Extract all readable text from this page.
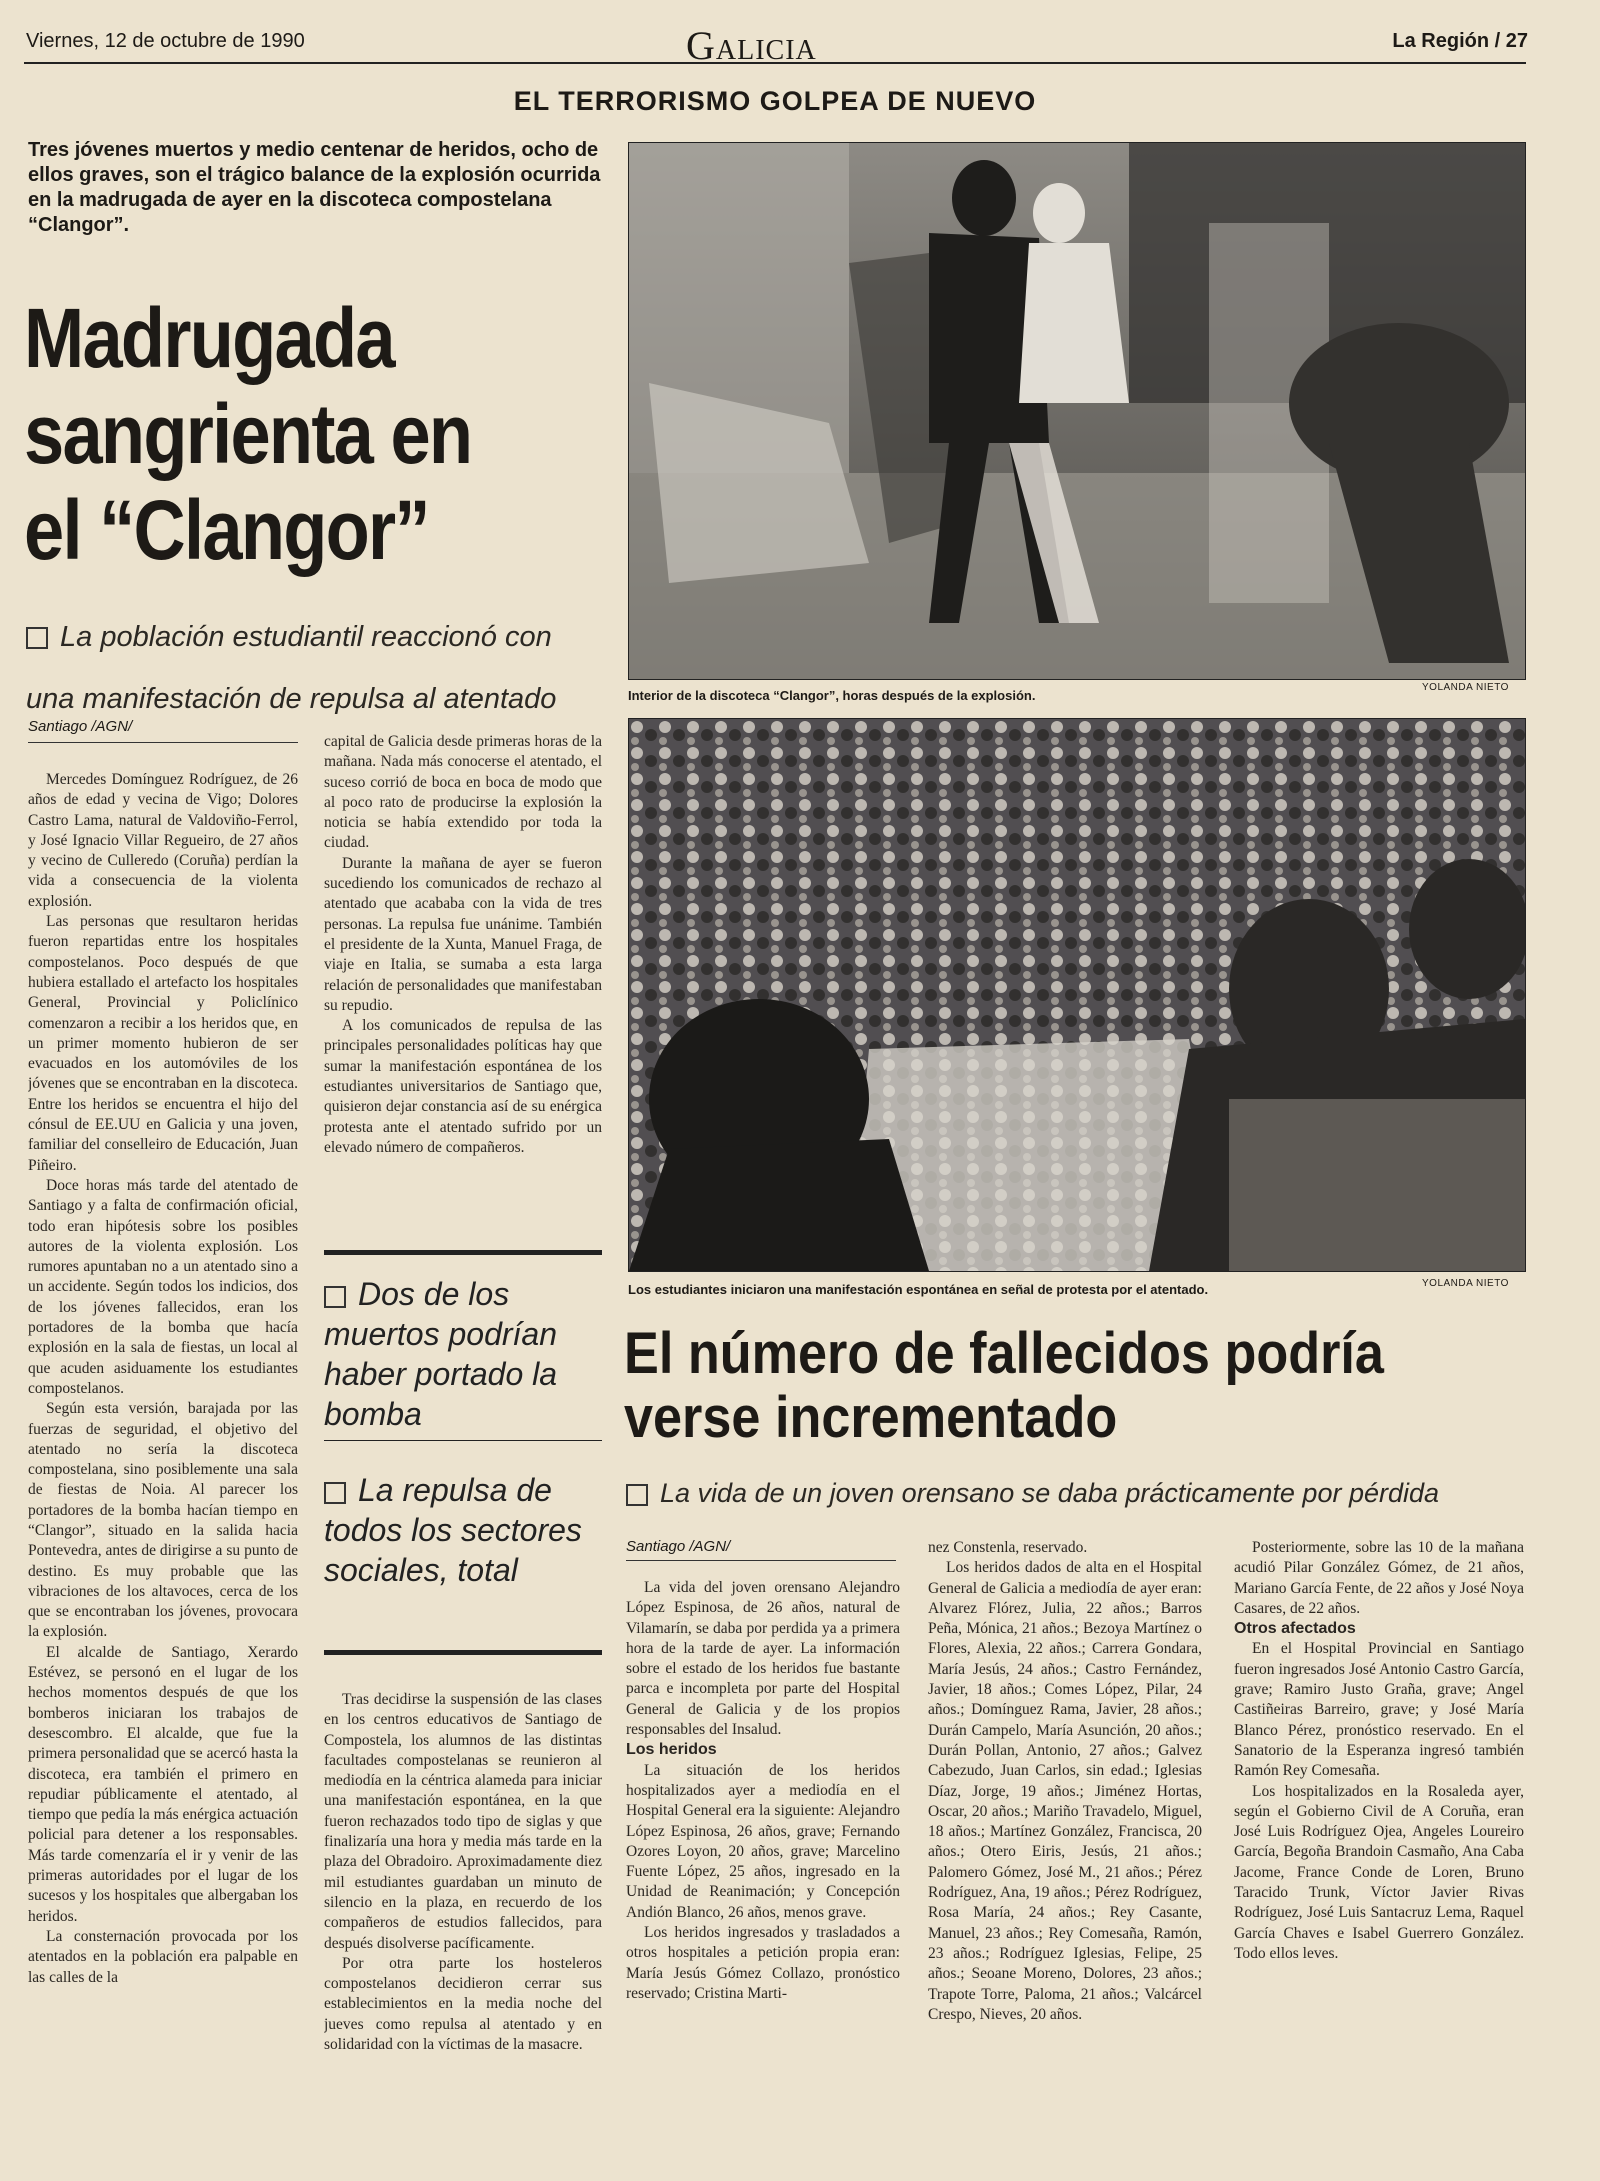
Viernes, 12 de octubre de 1990	Galicia	La Región / 27
EL TERRORISMO GOLPEA DE NUEVO
Tres jóvenes muertos y medio centenar de heridos, ocho de ellos graves, son el trágico balance de la explosión ocurrida en la madrugada de ayer en la discoteca compostelana “Clangor”.
Madrugada
sangrienta en
el “Clangor”
La población estudiantil reaccionó con
una manifestación de repulsa al atentado
Santiago /AGN/

Mercedes Domínguez Rodríguez, de 26 años de edad y vecina de Vigo; Dolores Castro Lama, natural de Valdoviño-Ferrol, y José Ignacio Villar Regueiro, de 27 años y vecino de Culleredo (Coruña) perdían la vida a consecuencia de la violenta explosión.

Las personas que resultaron heridas fueron repartidas entre los hospitales compostelanos. Poco después de que hubiera estallado el artefacto los hospitales General, Provincial y Policlínico comenzaron a recibir a los heridos que, en un primer momento hubieron de ser evacuados en los automóviles de los jóvenes que se encontraban en la discoteca. Entre los heridos se encuentra el hijo del cónsul de EE.UU en Galicia y una joven, familiar del conselleiro de Educación, Juan Piñeiro.

Doce horas más tarde del atentado de Santiago y a falta de confirmación oficial, todo eran hipótesis sobre los posibles autores de la violenta explosión. Los rumores apuntaban no a un atentado sino a un accidente. Según todos los indicios, dos de los jóvenes fallecidos, eran los portadores de la bomba que hacía explosión en la sala de fiestas, un local al que acuden asiduamente los estudiantes compostelanos.

Según esta versión, barajada por las fuerzas de seguridad, el objetivo del atentado no sería la discoteca compostelana, sino posiblemente una sala de fiestas de Noia. Al parecer los portadores de la bomba hacían tiempo en “Clangor”, situado en la salida hacia Pontevedra, antes de dirigirse a su punto de destino. Es muy probable que las vibraciones de los altavoces, cerca de los que se encontraban los jóvenes, provocara la explosión.

El alcalde de Santiago, Xerardo Estévez, se personó en el lugar de los hechos momentos después de que los bomberos iniciaran los trabajos de desescombro. El alcalde, que fue la primera personalidad que se acercó hasta la discoteca, era también el primero en repudiar públicamente el atentado, al tiempo que pedía la más enérgica actuación policial para detener a los responsables. Más tarde comenzaría el ir y venir de las primeras autoridades por el lugar de los sucesos y los hospitales que albergaban los heridos.

La consternación provocada por los atentados en la población era palpable en las calles de la

capital de Galicia desde primeras horas de la mañana. Nada más conocerse el atentado, el suceso corrió de boca en boca de modo que al poco rato de producirse la explosión la noticia se había extendido por toda la ciudad.

Durante la mañana de ayer se fueron sucediendo los comunicados de rechazo al atentado que acababa con la vida de tres personas. La repulsa fue unánime. También el presidente de la Xunta, Manuel Fraga, de viaje en Italia, se sumaba a esta larga relación de personalidades que manifestaban su repudio.

A los comunicados de repulsa de las principales personalidades políticas hay que sumar la manifestación espontánea de los estudiantes universitarios de Santiago que, quisieron dejar constancia así de su enérgica protesta ante el atentado sufrido por un elevado número de compañeros.

Dos de los muertos podrían haber portado la bomba
La repulsa de todos los sectores sociales, total

Tras decidirse la suspensión de las clases en los centros educativos de Santiago de Compostela, los alumnos de las distintas facultades compostelanas se reunieron al mediodía en la céntrica alameda para iniciar una manifestación espontánea, en la que fueron rechazados todo tipo de siglas y que finalizaría una hora y media más tarde en la plaza del Obradoiro. Aproximadamente diez mil estudiantes guardaban un minuto de silencio en la plaza, en recuerdo de los compañeros de estudios fallecidos, para después disolverse pacíficamente.

Por otra parte los hosteleros compostelanos decidieron cerrar sus establecimientos en la media noche del jueves como repulsa al atentado y en solidaridad con la víctimas de la masacre.

Interior de la discoteca “Clangor”, horas después de la explosión.
YOLANDA NIETO
Los estudiantes iniciaron una manifestación espontánea en señal de protesta por el atentado.	YOLANDA NIETO
El número de fallecidos podría verse incrementado
La vida de un joven orensano se daba prácticamente por pérdida
Santiago /AGN/

La vida del joven orensano Alejandro López Espinosa, de 26 años, natural de Vilamarín, se daba por perdida ya a primera hora de la tarde de ayer. La información sobre el estado de los heridos fue bastante parca e incompleta por parte del Hospital General de Galicia y de los propios responsables del Insalud.

Los heridos

La situación de los heridos hospitalizados ayer a mediodía en el Hospital General era la siguiente: Alejandro López Espinosa, 26 años, grave; Fernando Ozores Loyon, 20 años, grave; Marcelino Fuente López, 25 años, ingresado en la Unidad de Reanimación; y Concepción Andión Blanco, 26 años, menos grave.

Los heridos ingresados y trasladados a otros hospitales a petición propia eran: María Jesús Gómez Collazo, pronóstico reservado; Cristina Marti-

nez Constenla, reservado.

Los heridos dados de alta en el Hospital General de Galicia a mediodía de ayer eran: Alvarez Flórez, Julia, 22 años.; Barros Peña, Mónica, 21 años.; Bezoya Martínez o Flores, Alexia, 22 años.; Carrera Gondara, María Jesús, 24 años.; Castro Fernández, Javier, 18 años.; Comes López, Pilar, 24 años.; Domínguez Rama, Javier, 28 años.; Durán Campelo, María Asunción, 20 años.; Durán Pollan, Antonio, 27 años.; Galvez Cabezudo, Juan Carlos, sin edad.; Iglesias Díaz, Jorge, 19 años.; Jiménez Hortas, Oscar, 20 años.; Mariño Travadelo, Miguel, 18 años.; Martínez González, Francisca, 20 años.; Otero Eiris, Jesús, 21 años.; Palomero Gómez, José M., 21 años.; Pérez Rodríguez, Ana, 19 años.; Pérez Rodríguez, Rosa María, 24 años.; Rey Casante, Manuel, 23 años.; Rey Comesaña, Ramón, 23 años.; Rodríguez Iglesias, Felipe, 25 años.; Seoane Moreno, Dolores, 23 años.; Trapote Torre, Paloma, 21 años.; Valcárcel Crespo, Nieves, 20 años.

Posteriormente, sobre las 10 de la mañana acudió Pilar González Gómez, de 21 años, Mariano García Fente, de 22 años y José Noya Casares, de 22 años.

Otros afectados

En el Hospital Provincial en Santiago fueron ingresados José Antonio Castro García, grave; Ramiro Justo Graña, grave; Angel Castiñeiras Barreiro, grave; y José María Blanco Pérez, pronóstico reservado. En el Sanatorio de la Esperanza ingresó también Ramón Rey Comesaña.

Los hospitalizados en la Rosaleda ayer, según el Gobierno Civil de A Coruña, eran José Luis Rodríguez Ojea, Angeles Loureiro García, Begoña Brandoin Casmaño, Ana Caba Jacome, France Conde de Loren, Bruno Taracido Trunk, Víctor Javier Rivas Rodríguez, José Luis Santacruz Lema, Raquel García Chaves e Isabel Guerrero González. Todo ellos leves.
